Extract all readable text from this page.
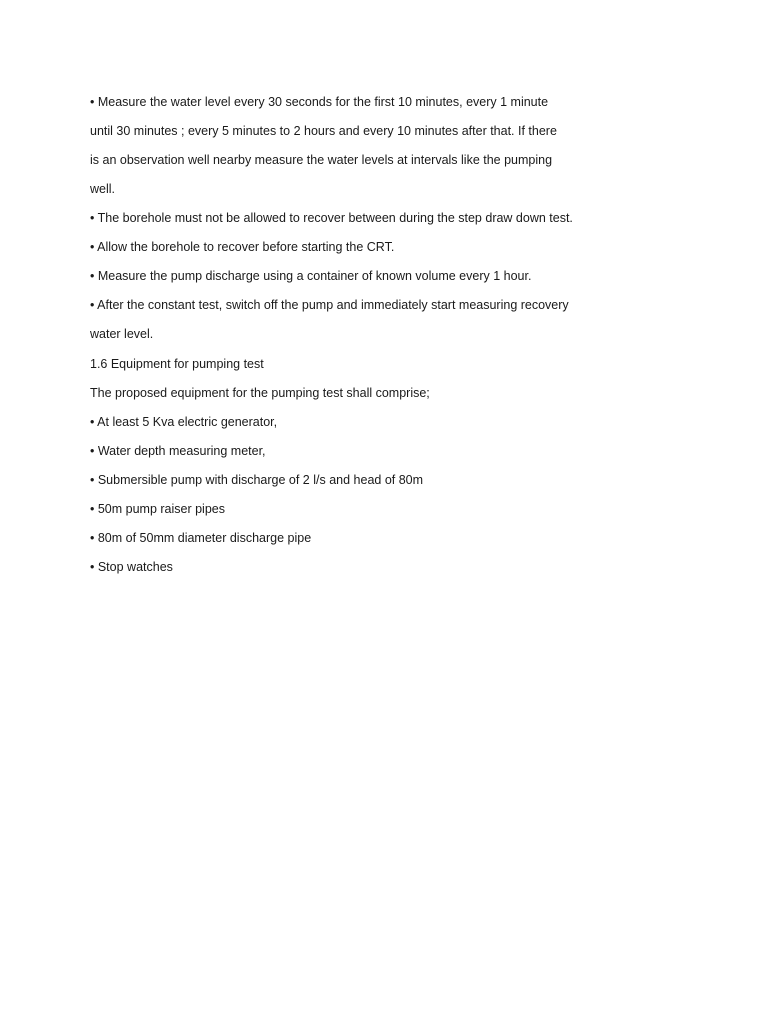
• Measure the water level every 30 seconds for the first 10 minutes, every 1 minute
until 30 minutes ; every 5 minutes to 2 hours and every 10 minutes after that. If there
is an observation well nearby measure the water levels at intervals like the pumping
well.
• The borehole must not be allowed to recover between during the step draw down test.
• Allow the borehole to recover before starting the CRT.
• Measure the pump discharge using a container of known volume every 1 hour.
• After the constant test, switch off the pump and immediately start measuring recovery
water level.
1.6 Equipment for pumping test
The proposed equipment for the pumping test shall comprise;
• At least 5 Kva electric generator,
• Water depth measuring meter,
• Submersible pump with discharge of 2 l/s and head of 80m
• 50m pump raiser pipes
• 80m of 50mm diameter discharge pipe
• Stop watches
